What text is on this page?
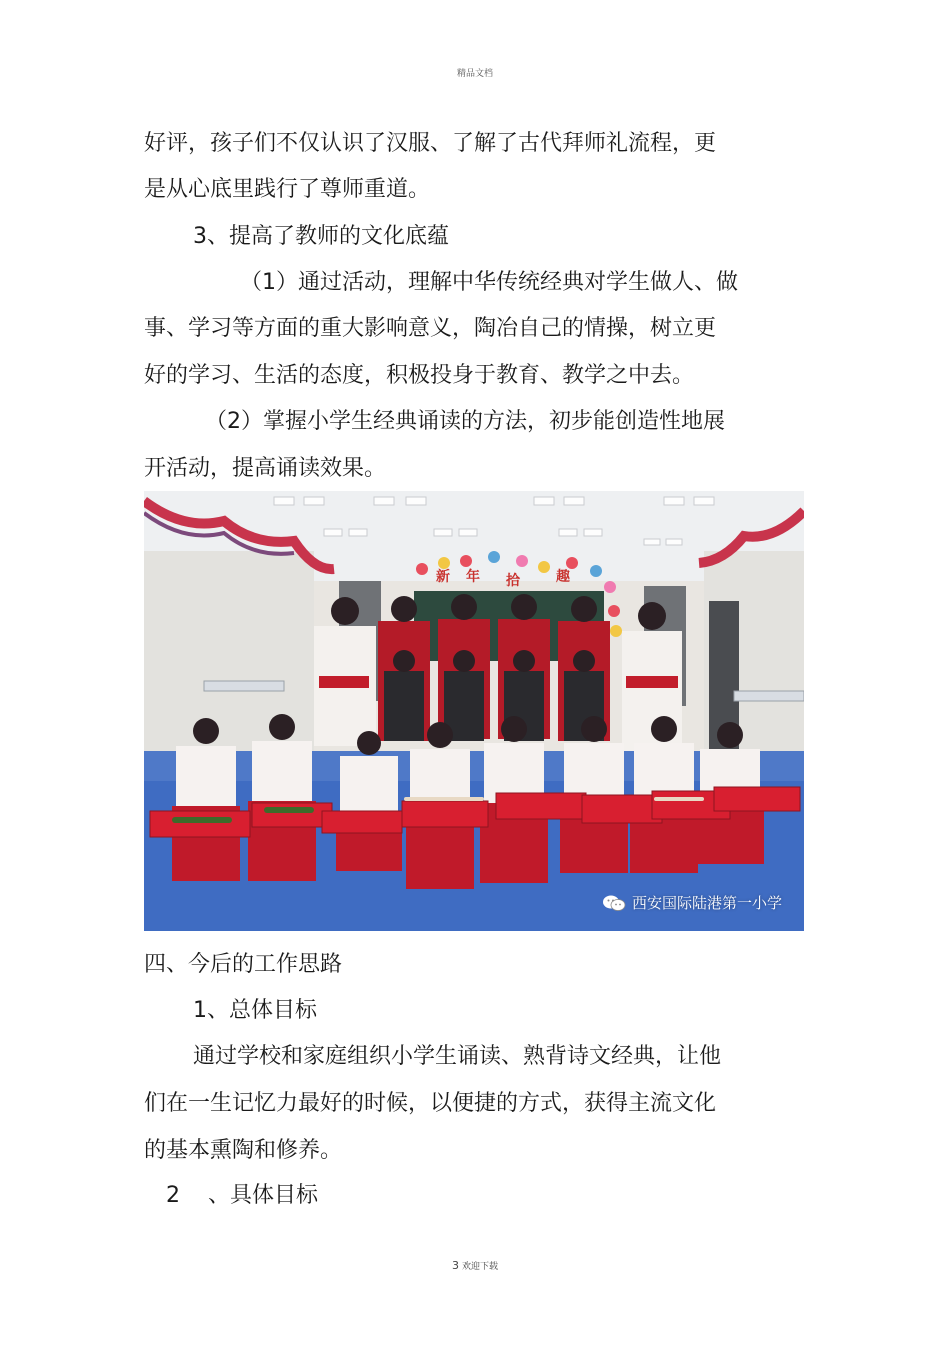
精品文档
好评，孩子们不仅认识了汉服、了解了古代拜师礼流程，更
是从心底里践行了尊师重道。
3、提高了教师的文化底蕴
（1）通过活动，理解中华传统经典对学生做人、做
事、学习等方面的重大影响意义，陶冶自己的情操，树立更
好的学习、生活的态度，积极投身于教育、教学之中去。
（2）掌握小学生经典诵读的方法，初步能创造性地展
开活动，提高诵读效果。
新 年 拾	趣
西安国际陆港第一小学
四、今后的工作思路
1、总体目标
通过学校和家庭组织小学生诵读、熟背诗文经典，让他
们在一生记忆力最好的时候，以便捷的方式，获得主流文化
的基本熏陶和修养。
2 、具体目标
3 欢迎下载
